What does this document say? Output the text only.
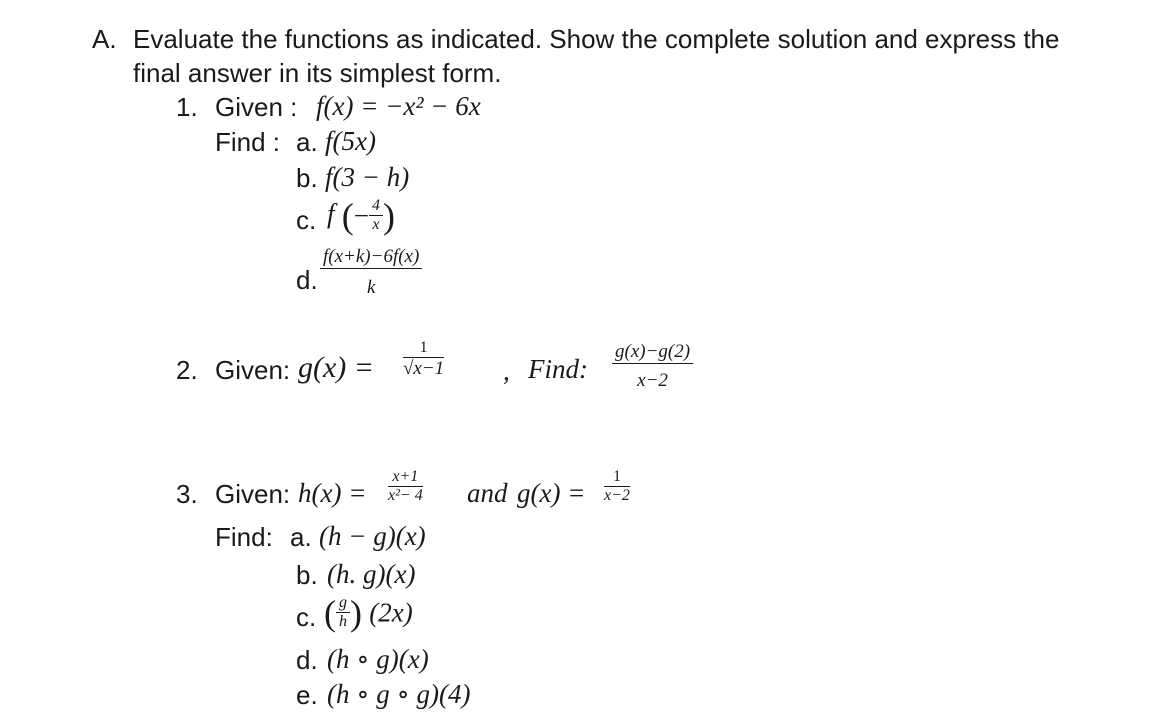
A. Evaluate the functions as indicated. Show the complete solution and express the
final answer in its simplest form.
1. Given : f(x) = −x² − 6x
Find : a. f(5x)
b. f(3 − h)
c. f (− $\frac{4}{x}$ )
d. $\frac{f(x+k)-6f(x)}{k}$
2. Given: $g(x) = \frac{1}{√x-1}$ , Find: $\frac{g(x)-g(2)}{x-2}$
3. Given: $h(x) = \frac{x+1}{\text{x²− 4}}$ and $g(x) = \frac{1}{x-2}$
Find: a. (h − g)(x)
b. (h. g)(x)
c. ( $\frac{g}{h}$ ) (2x)
d. (h ∘ g)(x)
e. (h ∘ g ∘ g)(4)
